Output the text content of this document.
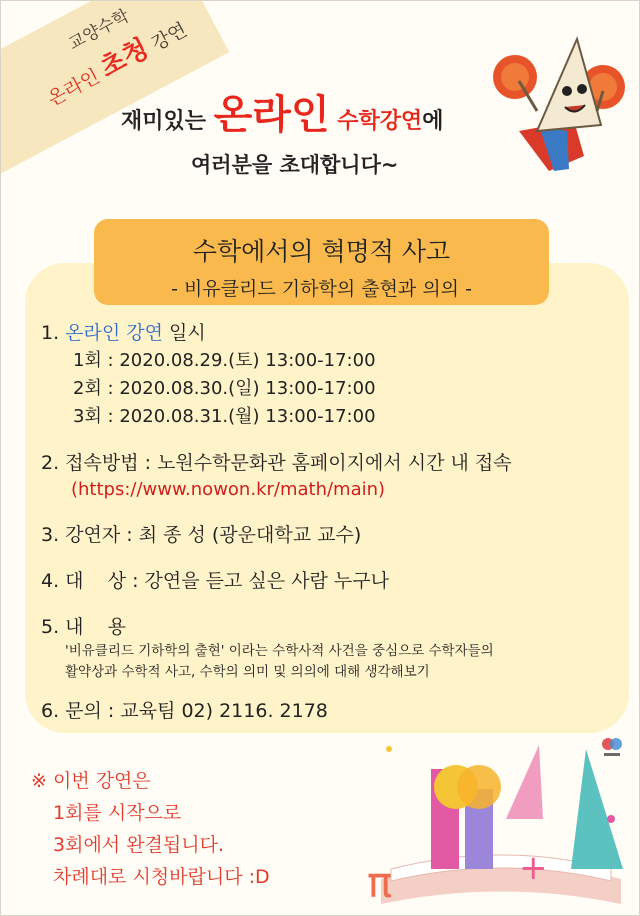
교양수학
온라인 초청 강연
재미있는 온라인 수학강연에
여러분을 초대합니다~
수학에서의 혁명적 사고
- 비유클리드 기하학의 출현과 의의 -
1. 온라인 강연 일시
1회 : 2020.08.29.(토) 13:00-17:00
2회 : 2020.08.30.(일) 13:00-17:00
3회 : 2020.08.31.(월) 13:00-17:00
2. 접속방법 : 노원수학문화관 홈페이지에서 시간 내 접속
(https://www.nowon.kr/math/main)
3. 강연자 : 최 종 성 (광운대학교 교수)
4. 대    상 : 강연을 듣고 싶은 사람 누구나
5. 내    용
'비유클리드 기하학의 출현' 이라는 수학사적 사건을 중심으로 수학자들의
활약상과 수학적 사고, 수학의 의미 및 의의에 대해 생각해보기
6. 문의 : 교육팀 02) 2116. 2178
※ 이번 강연은
1회를 시작으로
3회에서 완결됩니다.
차례대로 시청바랍니다 :D π	+
